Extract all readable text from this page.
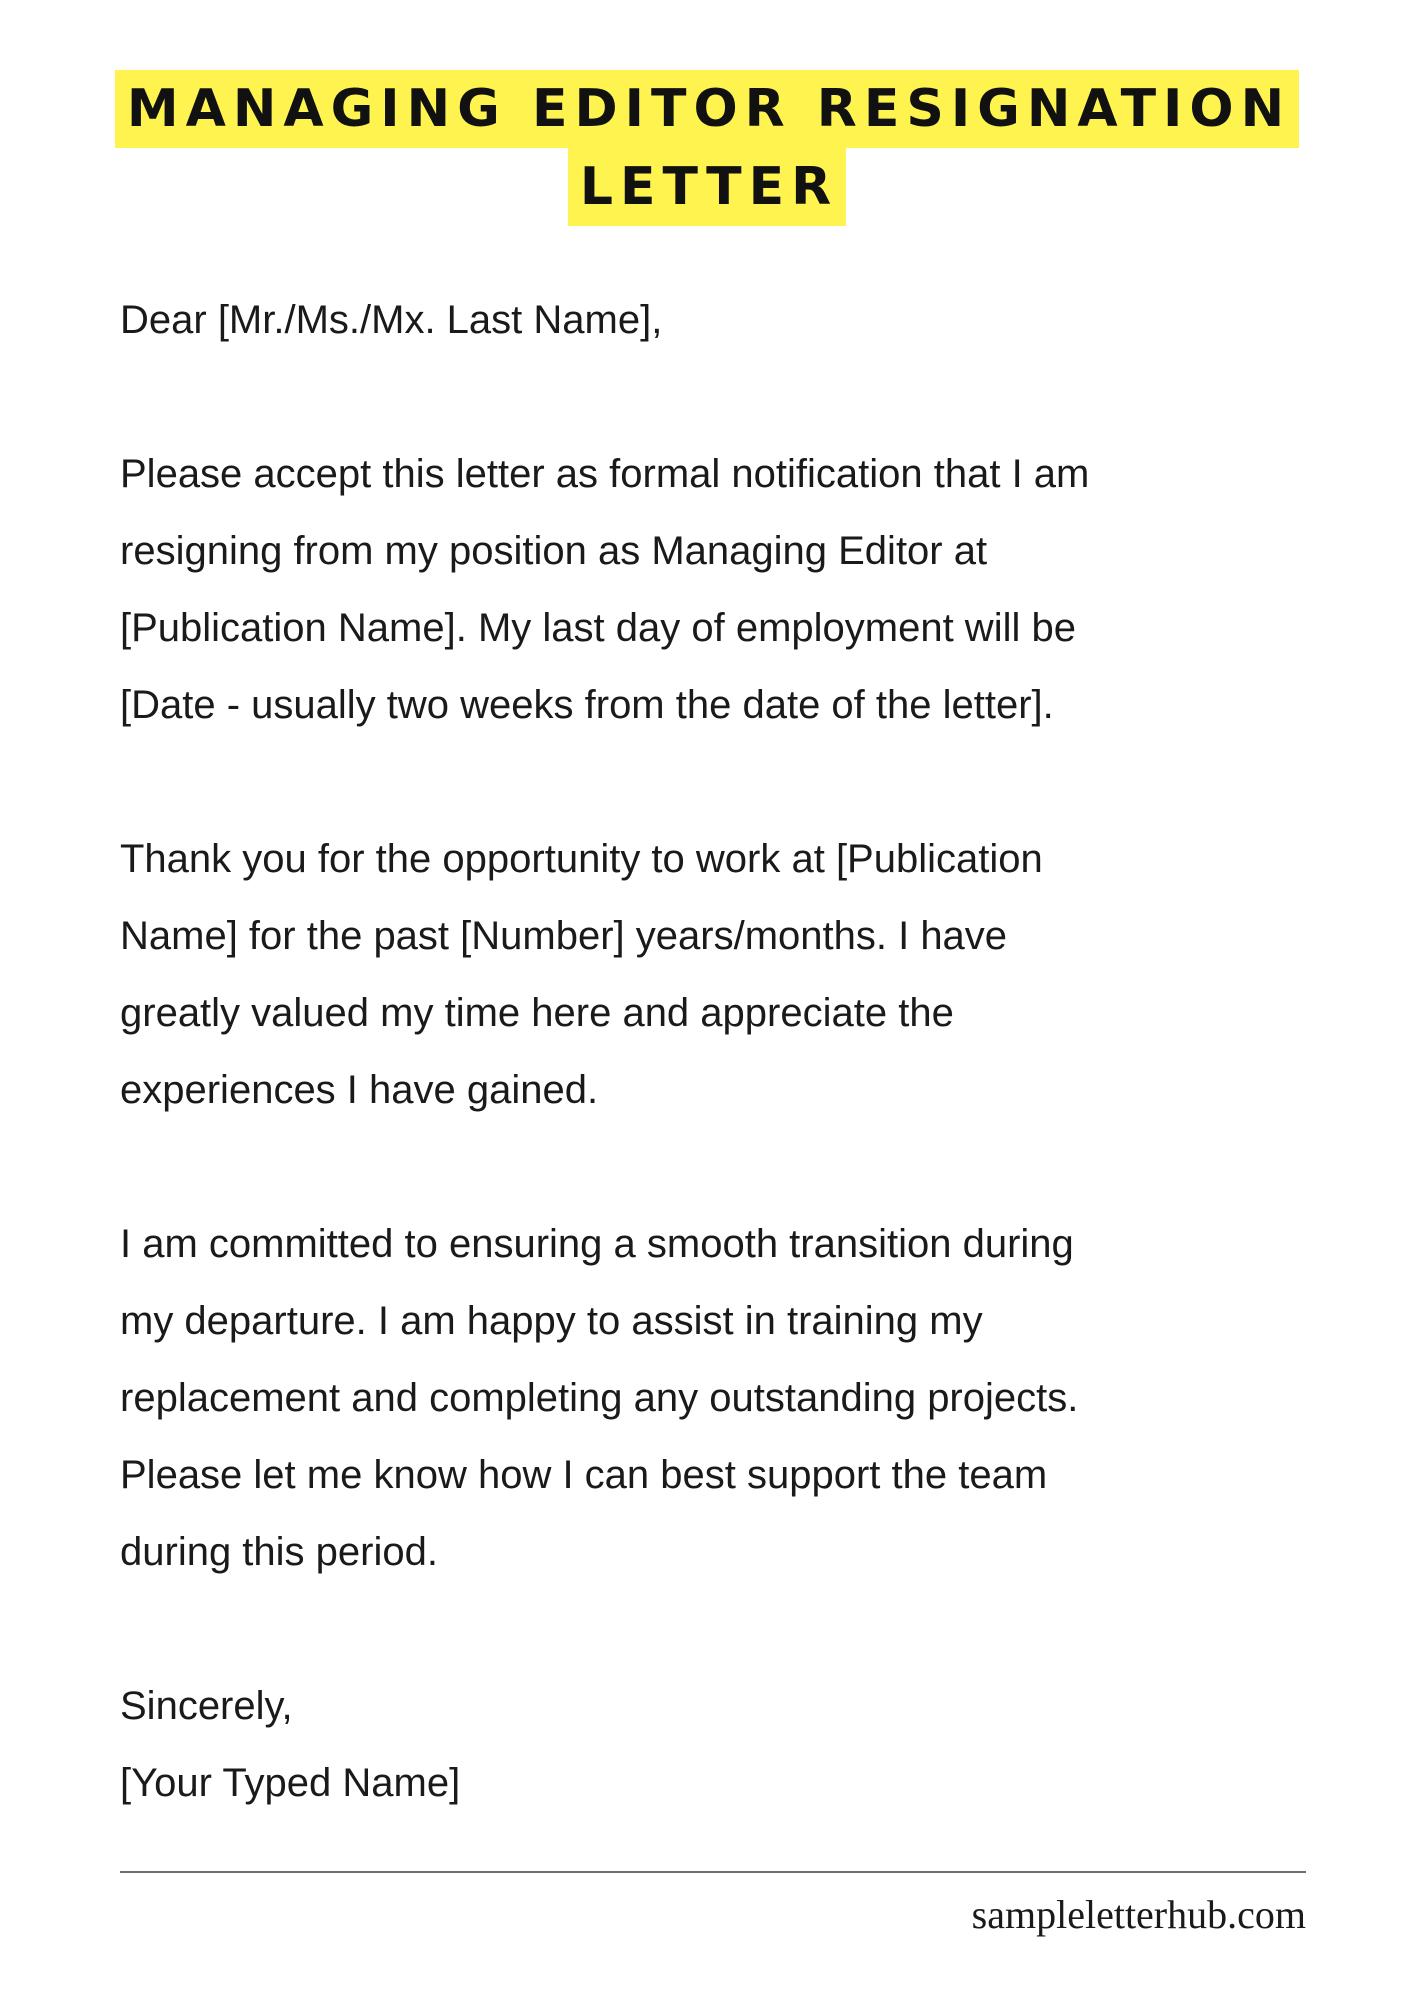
MANAGING EDITOR RESIGNATION
LETTER

Dear [Mr./Ms./Mx. Last Name],

Please accept this letter as formal notification that I am
resigning from my position as Managing Editor at
[Publication Name]. My last day of employment will be
[Date - usually two weeks from the date of the letter].

Thank you for the opportunity to work at [Publication
Name] for the past [Number] years/months. I have
greatly valued my time here and appreciate the
experiences I have gained.

I am committed to ensuring a smooth transition during
my departure. I am happy to assist in training my
replacement and completing any outstanding projects.
Please let me know how I can best support the team
during this period.

Sincerely,

[Your Typed Name]

sampleletterhub.com
